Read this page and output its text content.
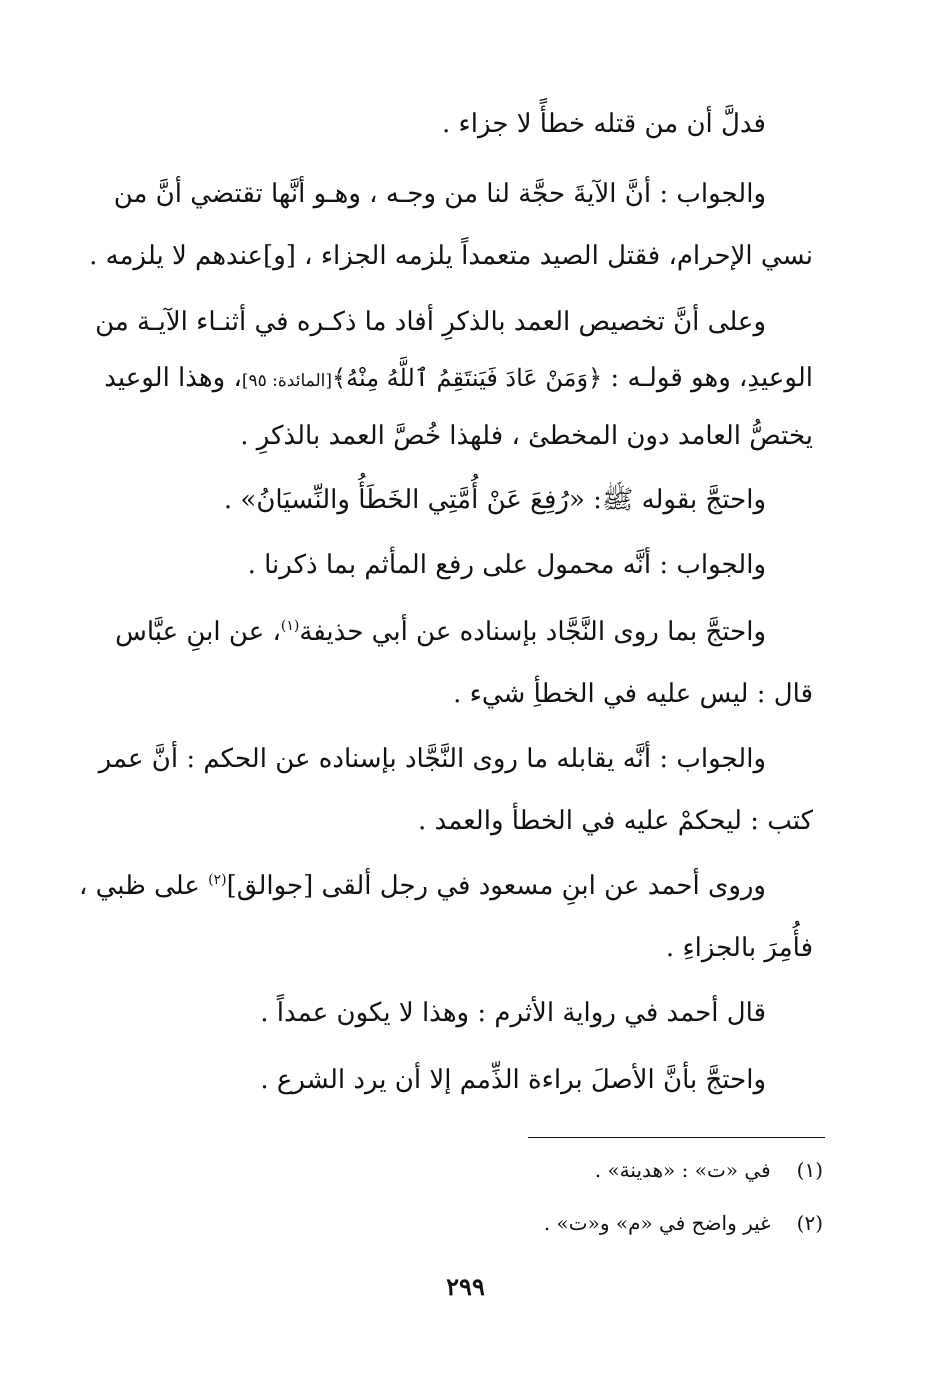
فدلَّ أن من قتله خطأً لا جزاء .
والجواب : أنَّ الآيةَ حجَّة لنا من وجـه ، وهـو أنَّها تقتضي أنَّ من
نسي الإحرام، فقتل الصيد متعمداً يلزمه الجزاء ، [و]عندهم لا يلزمه .
وعلى أنَّ تخصيص العمد بالذكرِ أفاد ما ذكـره في أثنـاء الآيـة من
الوعيدِ، وهو قولـه : ﴿وَمَنْ عَادَ فَيَنتَقِمُ ٱللَّهُ مِنْهُ﴾[المائدة: ٩٥]، وهذا الوعيد
يختصُّ العامد دون المخطئ ، فلهذا خُصَّ العمد بالذكرِ .
واحتجَّ بقوله ﷺ: «رُفِعَ عَنْ أُمَّتِي الخَطَأُ والنِّسيَانُ» .
والجواب : أنَّه محمول على رفع المأثم بما ذكرنا .
واحتجَّ بما روى النَّجَّاد بإسناده عن أبي حذيفة$^{(١)}$، عن ابنِ عبَّاس
قال : ليس عليه في الخطأِ شيء .
والجواب : أنَّه يقابله ما روى النَّجَّاد بإسناده عن الحكم : أنَّ عمر
كتب : ليحكمْ عليه في الخطأ والعمد .
وروى أحمد عن ابنِ مسعود في رجل ألقى [جوالق]$^{(٢)}$ على ظبي ،
فأُمِرَ بالجزاءِ .
قال أحمد في رواية الأثرم : وهذا لا يكون عمداً .
واحتجَّ بأنَّ الأصلَ براءة الذِّمم إلا أن يرد الشرع .
(١) في «ت» : «هدينة» .
(٢) غير واضح في «م» و«ت» .
٢٩٩
